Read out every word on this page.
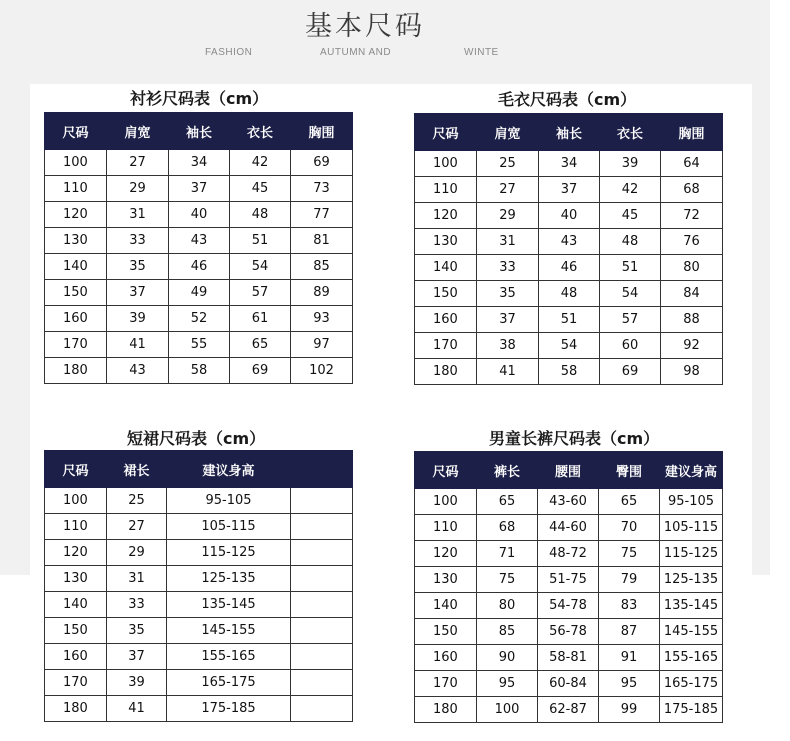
基本尺码
FASHION	AUTUMN AND	WINTE
衬衫尺码表（cm）	毛衣尺码表（cm）
短裙尺码表（cm）	男童长裤尺码表（cm）
尺码	肩宽	袖长	衣长	胸围
100	27	34	42	69
110	29	37	45	73
120	31	40	48	77
130	33	43	51	81
140	35	46	54	85
150	37	49	57	89
160	39	52	61	93
170	41	55	65	97
180	43	58	69	102
尺码	肩宽	袖长	衣长	胸围
100	25	34	39	64
110	27	37	42	68
120	29	40	45	72
130	31	43	48	76
140	33	46	51	80
150	35	48	54	84
160	37	51	57	88
170	38	54	60	92
180	41	58	69	98
尺码	裙长	建议身高	
100	25	95-105	
110	27	105-115	
120	29	115-125	
130	31	125-135	
140	33	135-145	
150	35	145-155	
160	37	155-165	
170	39	165-175	
180	41	175-185	
尺码	裤长	腰围	臀围	建议身高
100	65	43-60	65	95-105
110	68	44-60	70	105-115
120	71	48-72	75	115-125
130	75	51-75	79	125-135
140	80	54-78	83	135-145
150	85	56-78	87	145-155
160	90	58-81	91	155-165
170	95	60-84	95	165-175
180	100	62-87	99	175-185
